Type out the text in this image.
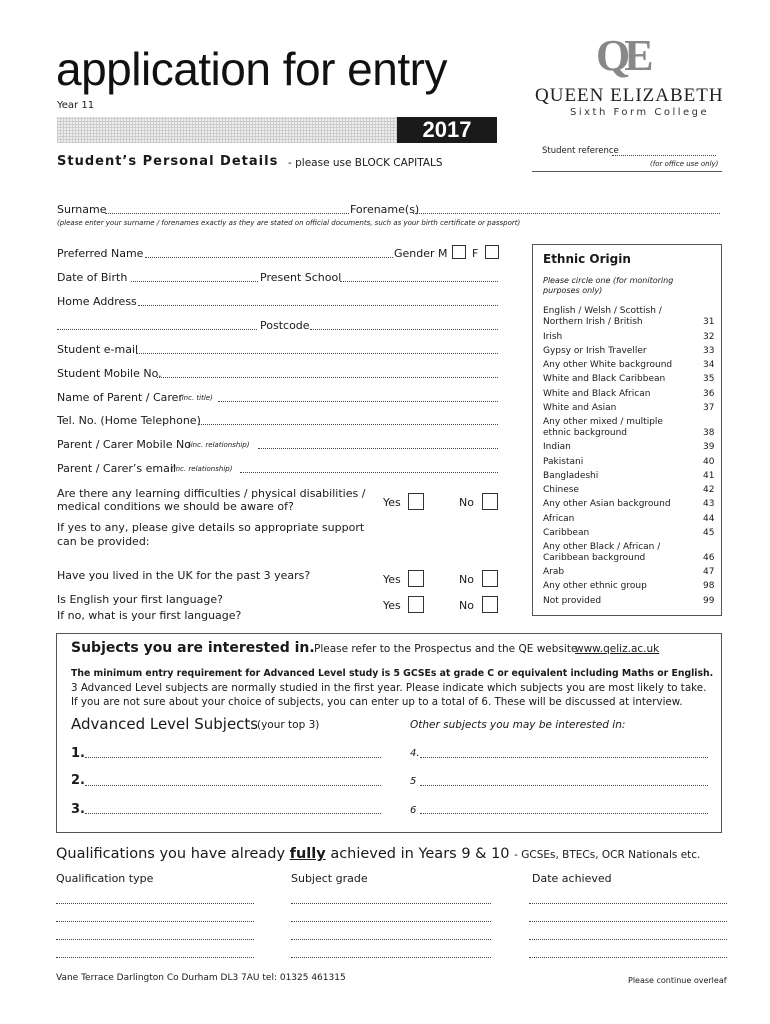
application for entry
Year 11
2017
QE
QUEEN ELIZABETH
Sixth Form College
Student reference
(for office use only)
Student’s Personal Details - please use BLOCK CAPITALS
Surname	Forename(s)
(please enter your surname / forenames exactly as they are stated on official documents, such as your birth certificate or passport)
Preferred Name	Gender M F
Date of Birth	Present School
Home Address
Postcode
Student e-mail
Student Mobile No.
Name of Parent / Carer
(inc. title)
Tel. No. (Home Telephone)
Parent / Carer Mobile No
(inc. relationship)
Parent / Carer’s email
(inc. relationship)
Are there any learning difficulties / physical disabilities /
medical conditions we should be aware of?	Yes	No
If yes to any, please give details so appropriate support
can be provided:
Have you lived in the UK for the past 3 years?	Yes	No
Is English your first language?	Yes	No
If no, what is your first language?
Ethnic Origin
Please circle one (for monitoring
purposes only)
English / Welsh / Scottish /
Northern Irish / British	31
Irish	32
Gypsy or Irish Traveller	33
Any other White background	34
White and Black Caribbean	35
White and Black African	36
White and Asian	37
Any other mixed / multiple
ethnic background	38
Indian	39
Pakistani	40
Bangladeshi	41
Chinese	42
Any other Asian background	43
African	44
Caribbean	45
Any other Black / African /
Caribbean background	46
Arab	47
Any other ethnic group	98
Not provided	99
Subjects you are interested in. Please refer to the Prospectus and the QE website
www.qeliz.ac.uk
The minimum entry requirement for Advanced Level study is 5 GCSEs at grade C or equivalent including Maths or English.
3 Advanced Level subjects are normally studied in the first year. Please indicate which subjects you are most likely to take.
If you are not sure about your choice of subjects, you can enter up to a total of 6. These will be discussed at interview.
Advanced Level Subjects
(your top 3)	Other subjects you may be interested in:
1.	4.
2.	5
3.	6
Qualifications you have already fully achieved in Years 9 & 10 - GCSEs, BTECs, OCR Nationals etc.
Qualification type	Subject grade	Date achieved
Vane Terrace Darlington Co Durham DL3 7AU tel: 01325 461315	Please continue overleaf
